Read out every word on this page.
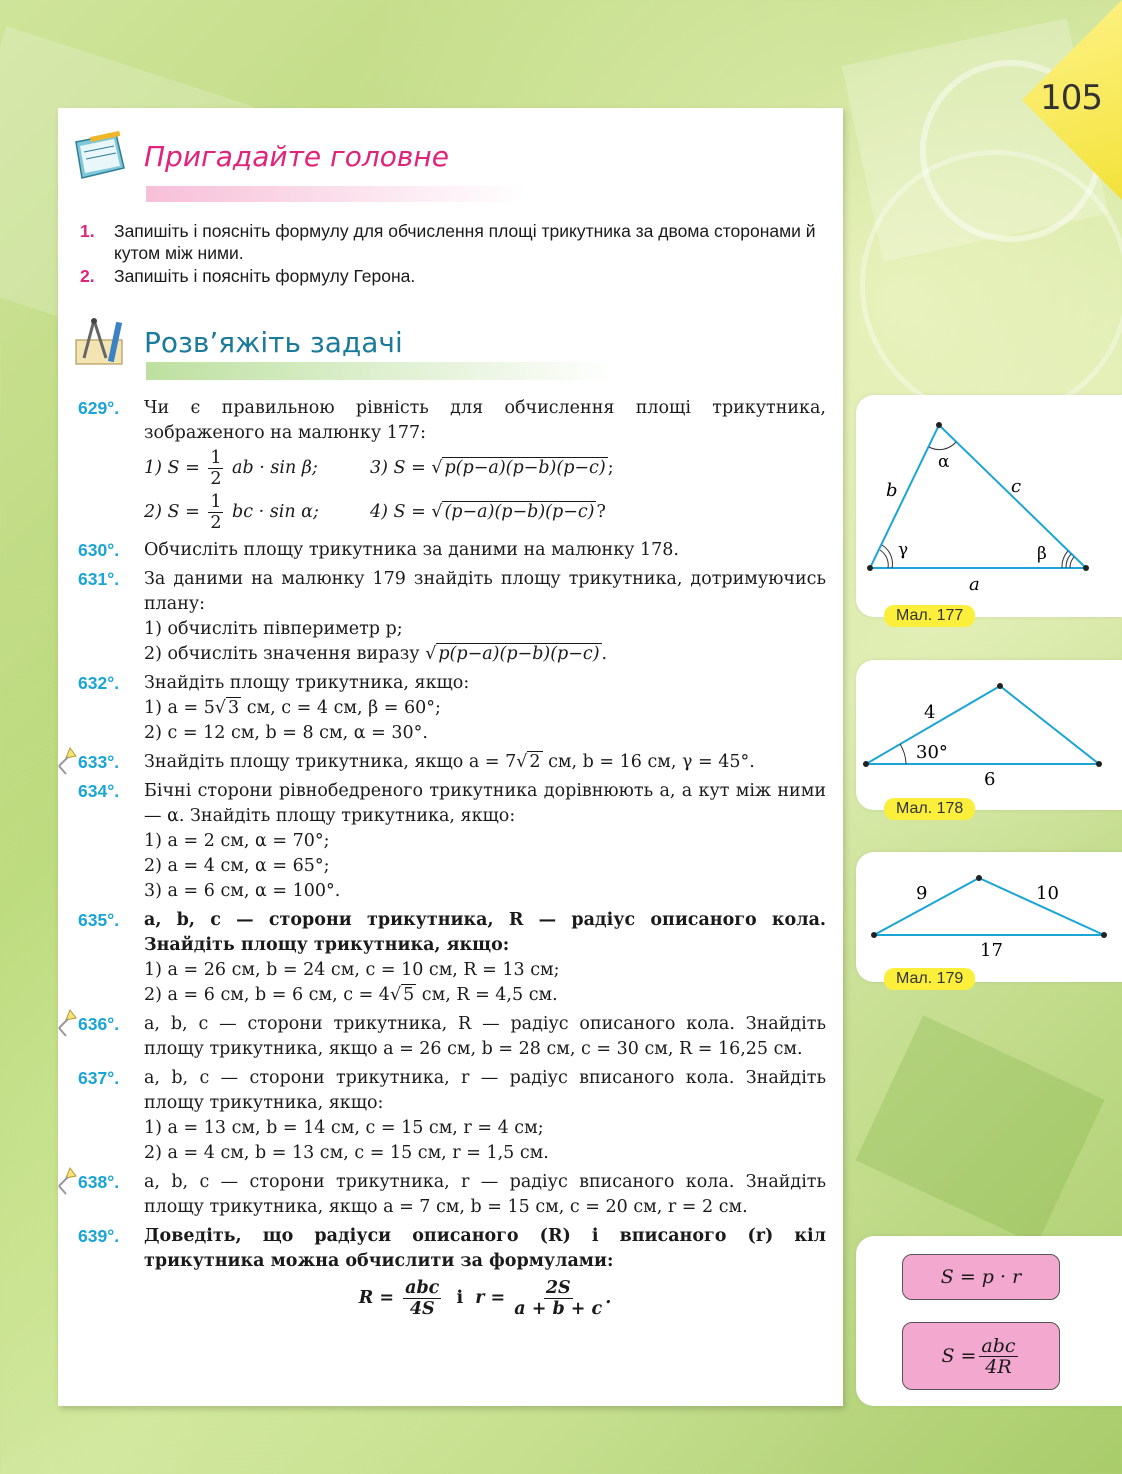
105
Пригадайте головне
1.	Запишіть і поясніть формулу для обчислення площі трикутника за двома сторонами й кутом між ними.
2.	Запишіть і поясніть формулу Герона.
Розв’яжіть задачі
629°.	Чи є правильною рівність для обчислення площі трикутника, зображеного на малюнку 177:
1) $S = \frac{1}{2}$ ab · sin β;	3) S = √ p(p−a)(p−b)(p−c) ;
2) $S = \frac{1}{2}$ bc · sin α;	4) S = √ (p−a)(p−b)(p−c) ?
630°.	Обчисліть площу трикутника за даними на малюнку 178.
631°.	За даними на малюнку 179 знайдіть площу трикутника, дотримуючись плану:
1) обчисліть півпериметр p;
2) обчисліть значення виразу √ p(p−a)(p−b)(p−c) .
632°.	Знайдіть площу трикутника, якщо:
1) a = 5√ 3 см, c = 4 см, β = 60°;
2) c = 12 см, b = 8 см, α = 30°.
633°.	Знайдіть площу трикутника, якщо a = 7√ 2 см, b = 16 см, γ = 45°.
634°.	Бічні сторони рівнобедреного трикутника дорівнюють a, а кут між ними — α. Знайдіть площу трикутника, якщо:
1) a = 2 см, α = 70°;
2) a = 4 см, α = 65°;
3) a = 6 см, α = 100°.
635°.	a, b, c — сторони трикутника, R — радіус описаного кола. Знайдіть площу трикутника, якщо:
1) a = 26 см, b = 24 см, c = 10 см, R = 13 см;
2) a = 6 см, b = 6 см, c = 4√ 5 см, R = 4,5 см.
636°.	a, b, c — сторони трикутника, R — радіус описаного кола. Знайдіть площу трикутника, якщо a = 26 см, b = 28 см, c = 30 см, R = 16,25 см.
637°.	a, b, c — сторони трикутника, r — радіус вписаного кола. Знайдіть площу трикутника, якщо:
1) a = 13 см, b = 14 см, c = 15 см, r = 4 см;
2) a = 4 см, b = 13 см, c = 15 см, r = 1,5 см.
638°.	a, b, c — сторони трикутника, r — радіус вписаного кола. Знайдіть площу трикутника, якщо a = 7 см, b = 15 см, c = 20 см, r = 2 см.
639°.	Доведіть, що радіуси описаного (R) і вписаного (r) кіл трикутника можна обчислити за формулами:
$R = \frac{\text{abc}}{4S}$ і $r = \frac{2S}{a + b + c}$ .
α
β
γ
a
b	c
Мал. 177
4
6
30°
Мал. 178
9	10
17
Мал. 179
S = p · r
$S = \frac{\text{abc}}{4R}$
